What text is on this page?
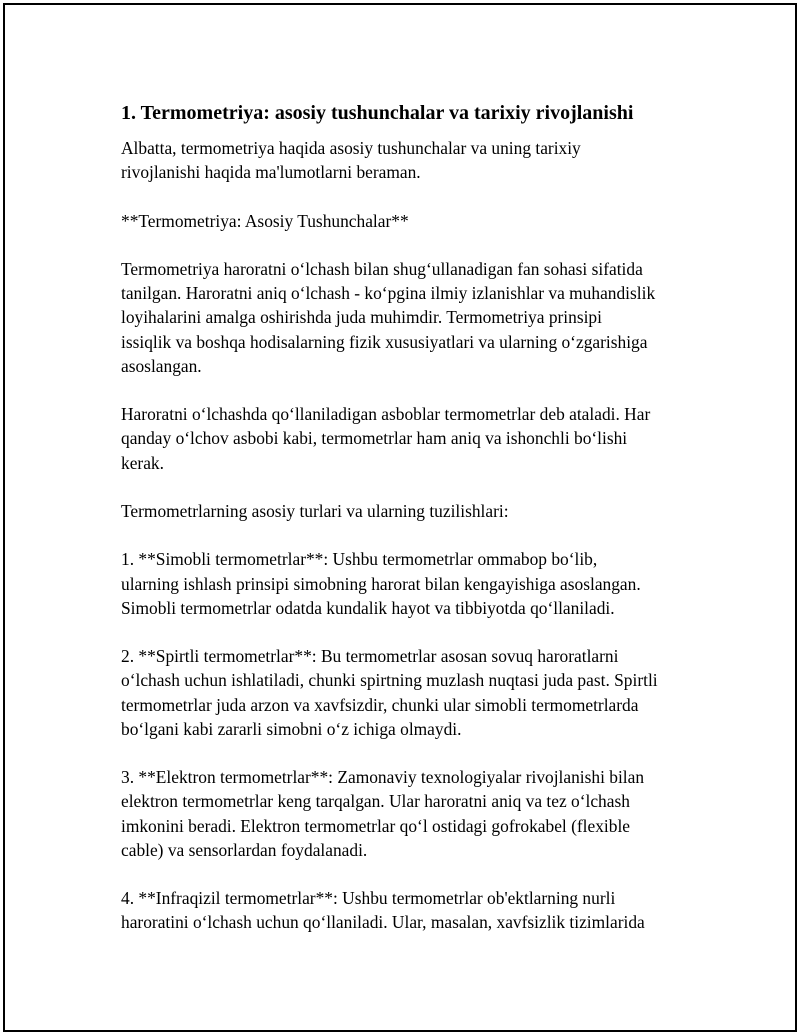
1. Termometriya: asosiy tushunchalar va tarixiy rivojlanishi

Albatta, termometriya haqida asosiy tushunchalar va uning tarixiy
rivojlanishi haqida ma'lumotlarni beraman.

**Termometriya: Asosiy Tushunchalar**

Termometriya haroratni o‘lchash bilan shug‘ullanadigan fan sohasi sifatida
tanilgan. Haroratni aniq o‘lchash - ko‘pgina ilmiy izlanishlar va muhandislik
loyihalarini amalga oshirishda juda muhimdir. Termometriya prinsipi
issiqlik va boshqa hodisalarning fizik xususiyatlari va ularning o‘zgarishiga
asoslangan.

Haroratni o‘lchashda qo‘llaniladigan asboblar termometrlar deb ataladi. Har
qanday o‘lchov asbobi kabi, termometrlar ham aniq va ishonchli bo‘lishi
kerak.

Termometrlarning asosiy turlari va ularning tuzilishlari:

1. **Simobli termometrlar**: Ushbu termometrlar ommabop bo‘lib,
ularning ishlash prinsipi simobning harorat bilan kengayishiga asoslangan.
Simobli termometrlar odatda kundalik hayot va tibbiyotda qo‘llaniladi.

2. **Spirtli termometrlar**: Bu termometrlar asosan sovuq haroratlarni
o‘lchash uchun ishlatiladi, chunki spirtning muzlash nuqtasi juda past. Spirtli
termometrlar juda arzon va xavfsizdir, chunki ular simobli termometrlarda
bo‘lgani kabi zararli simobni o‘z ichiga olmaydi.

3. **Elektron termometrlar**: Zamonaviy texnologiyalar rivojlanishi bilan
elektron termometrlar keng tarqalgan. Ular haroratni aniq va tez o‘lchash
imkonini beradi. Elektron termometrlar qo‘l ostidagi gofrokabel (flexible
cable) va sensorlardan foydalanadi.

4. **Infraqizil termometrlar**: Ushbu termometrlar ob'ektlarning nurli
haroratini o‘lchash uchun qo‘llaniladi. Ular, masalan, xavfsizlik tizimlarida
